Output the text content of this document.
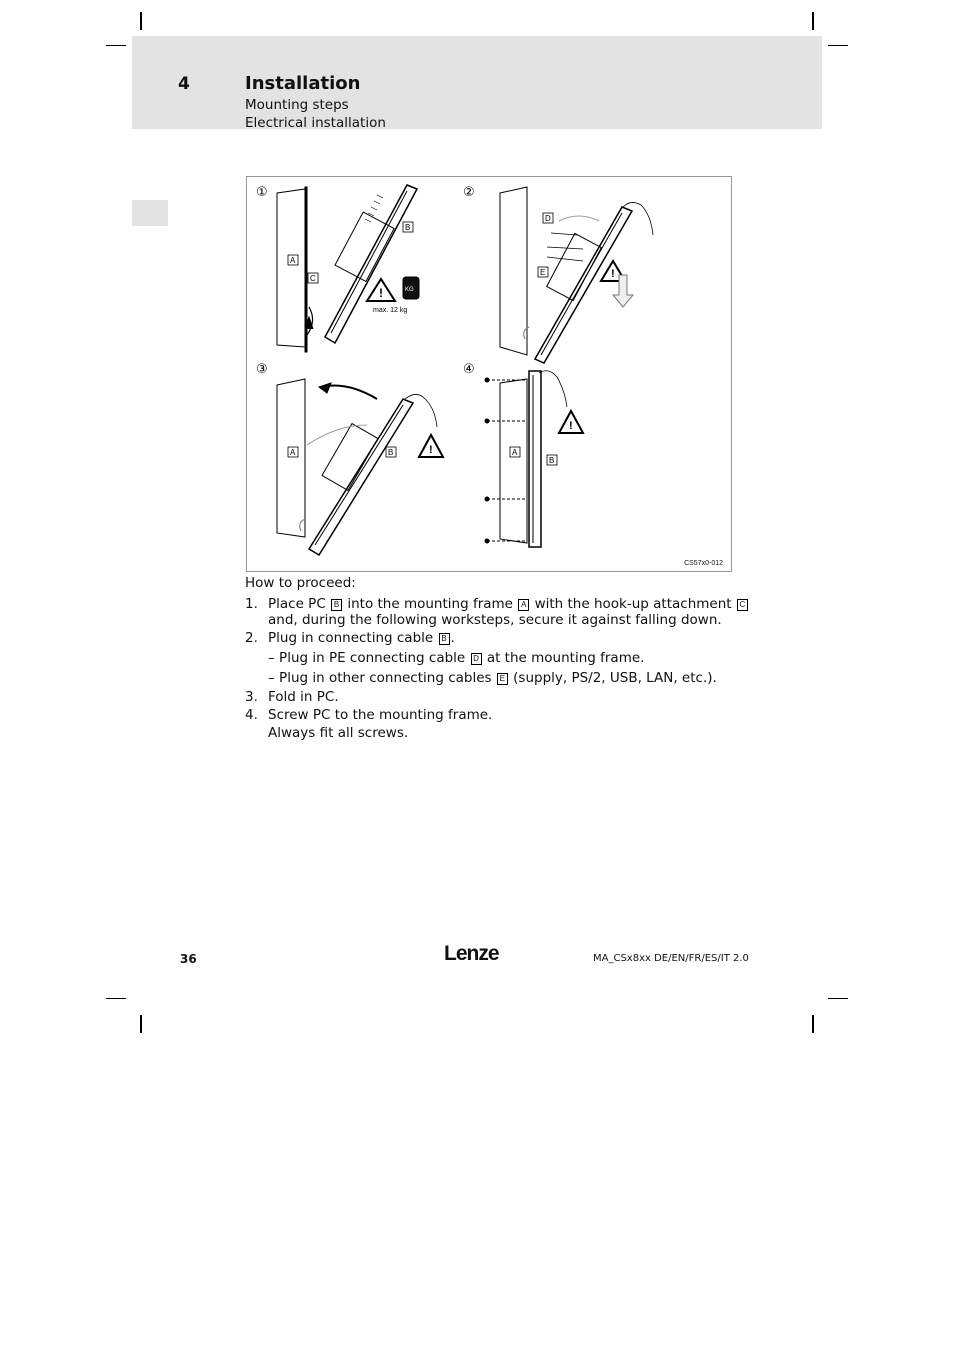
4	Installation
Mounting steps
Electrical installation
①	②
③	④
!	KG
max. 12 kg
A
C
B
!
D
E
!
A	B
!
A
B
CS57x0-012
How to proceed:
1. Place PC B into the mounting frame A with the hook-up attachment C
and, during the following worksteps, secure it against falling down.
2. Plug in connecting cable B .
– Plug in PE connecting cable D at the mounting frame.
– Plug in other connecting cables E (supply, PS/2, USB, LAN, etc.).
3. Fold in PC.
4. Screw PC to the mounting frame.
Always fit all screws.
36	Lenze	MA_CSx8xx DE/EN/FR/ES/IT 2.0
